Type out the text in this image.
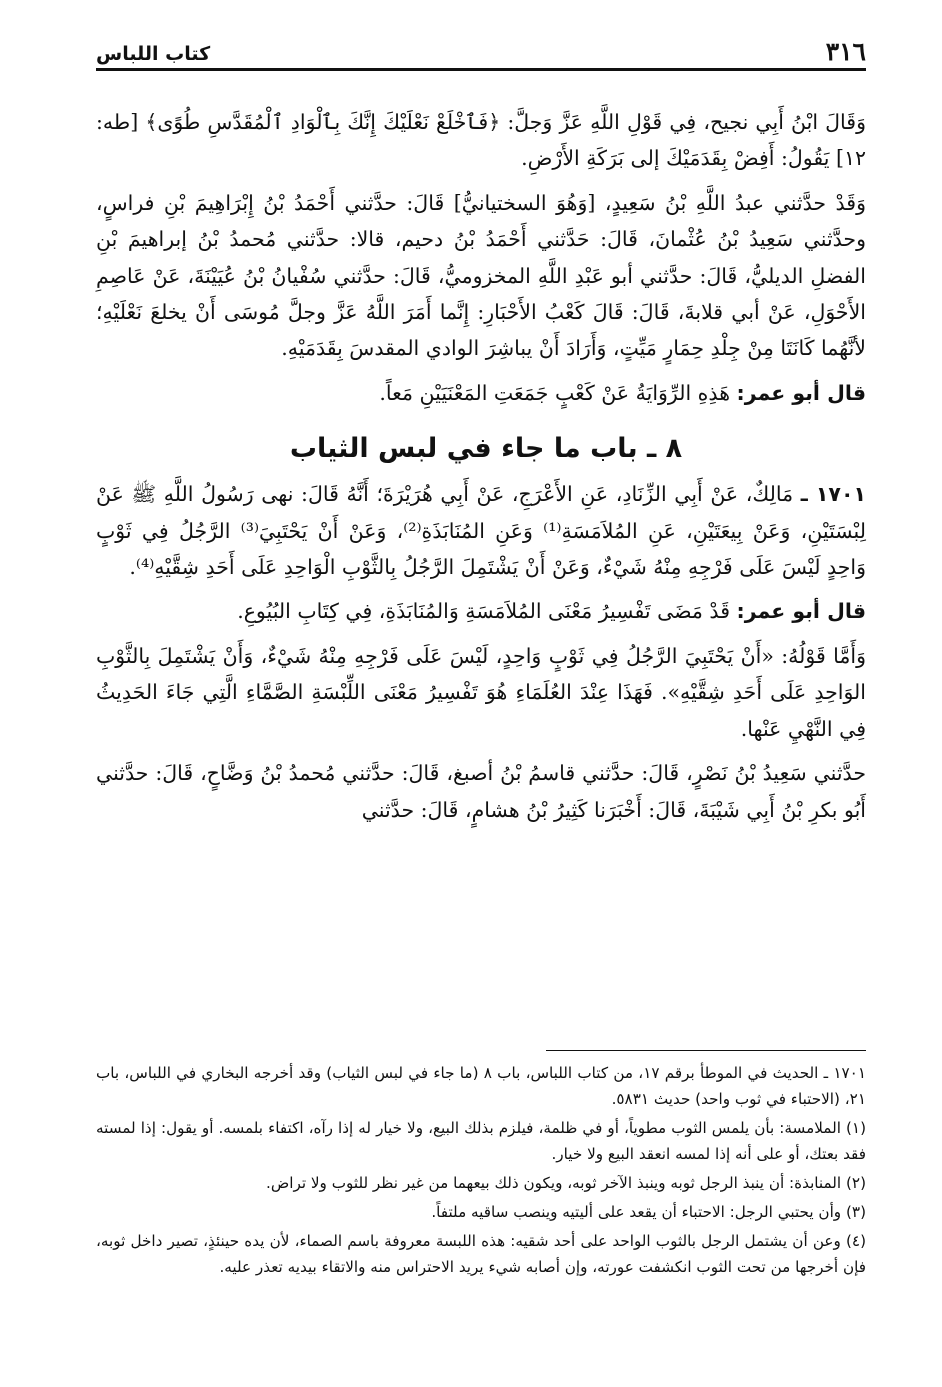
٣١٦
كتاب اللباس

وَقَالَ ابْنُ أَبِي نجيح، فِي قَوْلِ اللَّهِ عَزَّ وَجلَّ: ﴿فَٱخْلَعْ نَعْلَيْكَ إِنَّكَ بِٱلْوَادِ ٱلْمُقَدَّسِ طُوًى﴾ [طه: ١٢] يَقُولُ: أَفِضْ بِقَدَمَيْكَ إلى بَرَكَةِ الأَرْضِ.

وَقَدْ حدَّثني عبدُ اللَّهِ بْنُ سَعِيدٍ، [وَهُوَ السختيانيُّ] قَالَ: حدَّثني أَحْمَدُ بْنُ إِبْرَاهِيمَ بْنِ فراسٍ، وحدَّثني سَعِيدُ بْنُ عُثْمانَ، قَالَ: حَدَّثني أَحْمَدُ بْنُ دحيم، قالا: حدَّثني مُحمدُ بْنُ إبراهيمَ بْنِ الفضلِ الديليُّ، قَالَ: حدَّثني أبو عَبْدِ اللَّهِ المخزوميُّ، قَالَ: حدَّثني سُفْيانُ بْنُ عُيَيْنَةَ، عَنْ عَاصِمِ الأَحْوَلِ، عَنْ أبي قلابةَ، قَالَ: قَالَ كَعْبُ الأَحْبَارِ: إِنَّما أَمَرَ اللَّهُ عَزَّ وجلَّ مُوسَى أَنْ يخلعَ نَعْلَيْهِ؛ لأنَّهُما كَانَتَا مِنْ جِلْدِ حِمَارٍ مَيِّتٍ، وَأَرَادَ أَنْ يباشِرَ الوادي المقدسَ بِقَدَمَيْهِ.

قال أبو عمر: هَذِهِ الرِّوَايَةُ عَنْ كَعْبٍ جَمَعَتِ المَعْنَيَيْنِ مَعاً.

٨ ـ باب ما جاء في لبس الثياب

١٧٠١ ـ مَالِكٌ، عَنْ أَبِي الزِّنَادِ، عَنِ الأَعْرَجِ، عَنْ أَبِي هُرَيْرَةَ؛ أَنَّهُ قَالَ: نهى رَسُولُ اللَّهِ ﷺ عَنْ لِبْسَتَيْنِ، وَعَنْ بِيعَتَيْنِ، عَنِ المُلاَمَسَةِ⁽¹⁾ وَعَنِ المُنَابَذَةِ⁽²⁾، وَعَنْ أَنْ يَحْتَبِيَ⁽³⁾ الرَّجُلُ فِي ثَوْبٍ وَاحِدٍ لَيْسَ عَلَى فَرْجِهِ مِنْهُ شَيْءٌ، وَعَنْ أَنْ يَشْتَمِلَ الرَّجُلُ بِالثَّوْبِ الْوَاحِدِ عَلَى أَحَدِ شِقَّيْهِ⁽⁴⁾.

قال أبو عمر: قَدْ مَضَى تَفْسِيرُ مَعْنَى المُلاَمَسَةِ وَالمُنَابَذَةِ، فِي كِتَابِ البُيُوعِ.

وَأَمَّا قَوْلُهُ: «أَنْ يَحْتَبِيَ الرَّجُلُ فِي ثَوْبٍ وَاحِدٍ، لَيْسَ عَلَى فَرْجِهِ مِنْهُ شَيْءٌ، وَأَنْ يَشْتَمِلَ بِالثَّوْبِ الوَاحِدِ عَلَى أَحَدِ شِقَّيْهِ». فَهَذَا عِنْدَ العُلَمَاءِ هُوَ تَفْسِيرُ مَعْنَى اللِّبْسَةِ الصَّمَّاءِ الَّتِي جَاءَ الحَدِيثُ فِي النَّهْيِ عَنْها.

حدَّثني سَعِيدُ بْنُ نَصْرٍ، قَالَ: حدَّثني قاسمُ بْنُ أصبغ، قَالَ: حدَّثني مُحمدُ بْنُ وَضَّاحٍ، قَالَ: حدَّثني أَبُو بكرِ بْنُ أَبِي شَيْبَةَ، قَالَ: أَخْبَرَنا كَثِيرُ بْنُ هشامٍ، قَالَ: حدَّثني

١٧٠١ ـ الحديث في الموطأ برقم ١٧، من كتاب اللباس، باب ٨ (ما جاء في لبس الثياب) وقد أخرجه البخاري في اللباس، باب ٢١، (الاحتباء في ثوب واحد) حديث ٥٨٣١.

(١) الملامسة: بأن يلمس الثوب مطوياً، أو في ظلمة، فيلزم بذلك البيع، ولا خيار له إذا رآه، اكتفاء بلمسه. أو يقول: إذا لمسته فقد بعتك، أو على أنه إذا لمسه انعقد البيع ولا خيار.

(٢) المنابذة: أن ينبذ الرجل ثوبه وينبذ الآخر ثوبه، ويكون ذلك بيعهما من غير نظر للثوب ولا تراض.

(٣) وأن يحتبي الرجل: الاحتباء أن يقعد على أليتيه وينصب ساقيه ملتفاً.

(٤) وعن أن يشتمل الرجل بالثوب الواحد على أحد شقيه: هذه اللبسة معروفة باسم الصماء، لأن يده حينئذٍ، تصير داخل ثوبه، فإن أخرجها من تحت الثوب انكشفت عورته، وإن أصابه شيء يريد الاحتراس منه والاتقاء بيديه تعذر عليه.
